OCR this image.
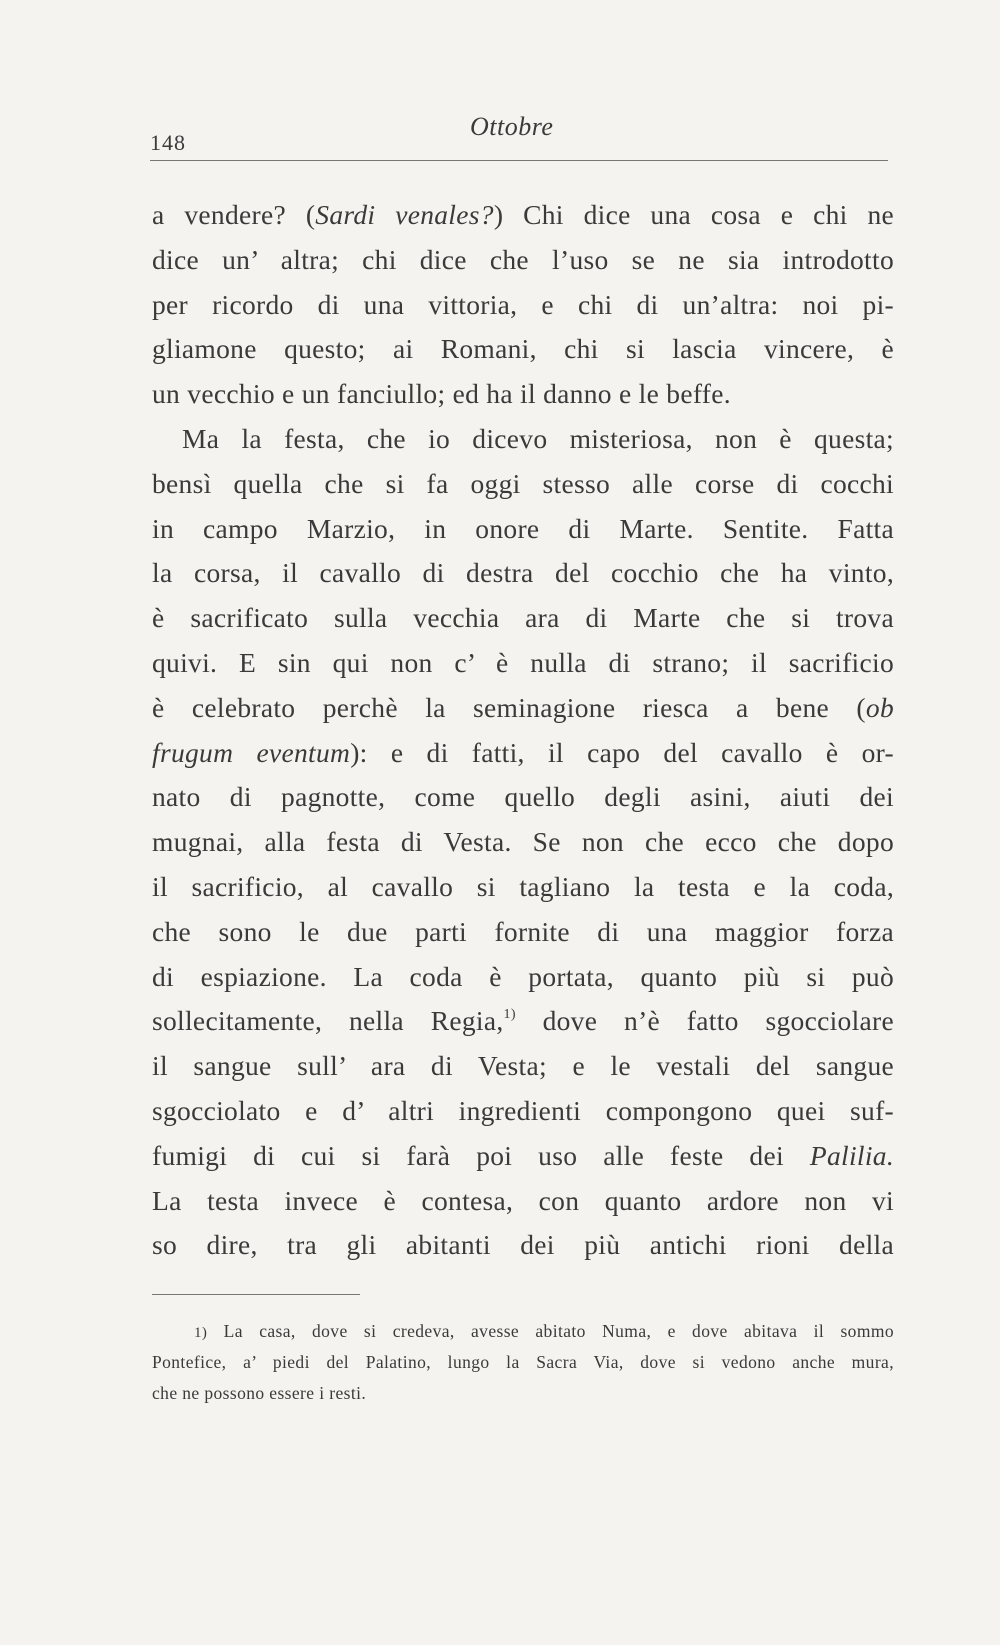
148
Ottobre
a vendere? (Sardi venales?) Chi dice una cosa e chi ne
dice un’ altra; chi dice che l’uso se ne sia introdotto
per ricordo di una vittoria, e chi di un’altra: noi pi-
gliamone questo; ai Romani, chi si lascia vincere, è
un vecchio e un fanciullo; ed ha il danno e le beffe.
Ma la festa, che io dicevo misteriosa, non è questa;
bensì quella che si fa oggi stesso alle corse di cocchi
in campo Marzio, in onore di Marte. Sentite. Fatta
la corsa, il cavallo di destra del cocchio che ha vinto,
è sacrificato sulla vecchia ara di Marte che si trova
quivi. E sin qui non c’ è nulla di strano; il sacrificio
è celebrato perchè la seminagione riesca a bene (ob
frugum eventum): e di fatti, il capo del cavallo è or-
nato di pagnotte, come quello degli asini, aiuti dei
mugnai, alla festa di Vesta. Se non che ecco che dopo
il sacrificio, al cavallo si tagliano la testa e la coda,
che sono le due parti fornite di una maggior forza
di espiazione. La coda è portata, quanto più si può
sollecitamente, nella Regia,$^{1)}$ dove n’è fatto sgocciolare
il sangue sull’ ara di Vesta; e le vestali del sangue
sgocciolato e d’ altri ingredienti compongono quei suf-
fumigi di cui si farà poi uso alle feste dei Palilia.
La testa invece è contesa, con quanto ardore non vi
so dire, tra gli abitanti dei più antichi rioni della
1) La casa, dove si credeva, avesse abitato Numa, e dove abitava il sommo
Pontefice, a’ piedi del Palatino, lungo la Sacra Via, dove si vedono anche mura,
che ne possono essere i resti.
